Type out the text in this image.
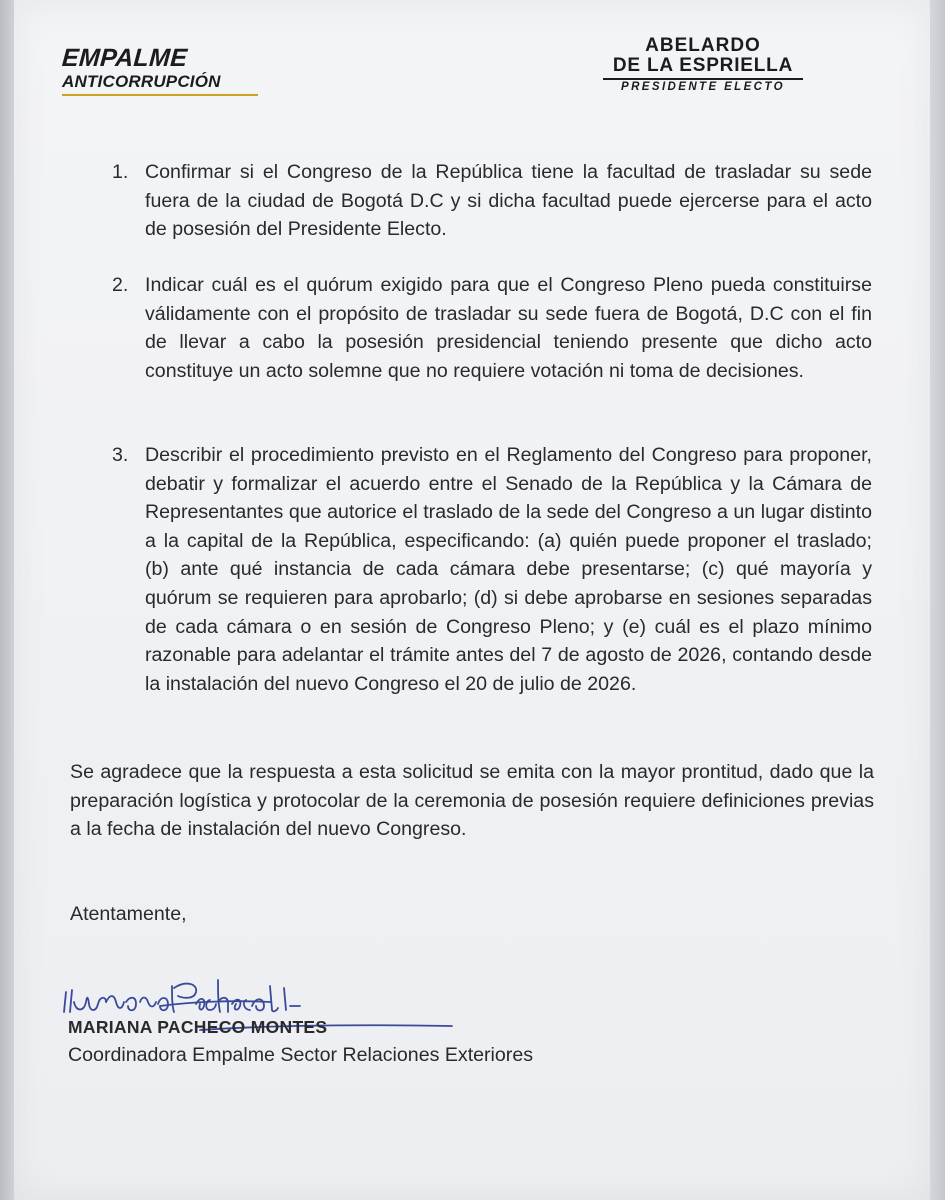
EMPALME
ANTICORRUPCIÓN
ABELARDO
DE LA ESPRIELLA
PRESIDENTE ELECTO
1. Confirmar si el Congreso de la República tiene la facultad de trasladar su sede fuera de la ciudad de Bogotá D.C y si dicha facultad puede ejercerse para el acto de posesión del Presidente Electo.
2. Indicar cuál es el quórum exigido para que el Congreso Pleno pueda constituirse válidamente con el propósito de trasladar su sede fuera de Bogotá, D.C con el fin de llevar a cabo la posesión presidencial teniendo presente que dicho acto constituye un acto solemne que no requiere votación ni toma de decisiones.
3. Describir el procedimiento previsto en el Reglamento del Congreso para proponer, debatir y formalizar el acuerdo entre el Senado de la República y la Cámara de Representantes que autorice el traslado de la sede del Congreso a un lugar distinto a la capital de la República, especificando: (a) quién puede proponer el traslado; (b) ante qué instancia de cada cámara debe presentarse; (c) qué mayoría y quórum se requieren para aprobarlo; (d) si debe aprobarse en sesiones separadas de cada cámara o en sesión de Congreso Pleno; y (e) cuál es el plazo mínimo razonable para adelantar el trámite antes del 7 de agosto de 2026, contando desde la instalación del nuevo Congreso el 20 de julio de 2026.
Se agradece que la respuesta a esta solicitud se emita con la mayor prontitud, dado que la preparación logística y protocolar de la ceremonia de posesión requiere definiciones previas a la fecha de instalación del nuevo Congreso.
Atentamente,
MARIANA PACHECO MONTES
Coordinadora Empalme Sector Relaciones Exteriores
